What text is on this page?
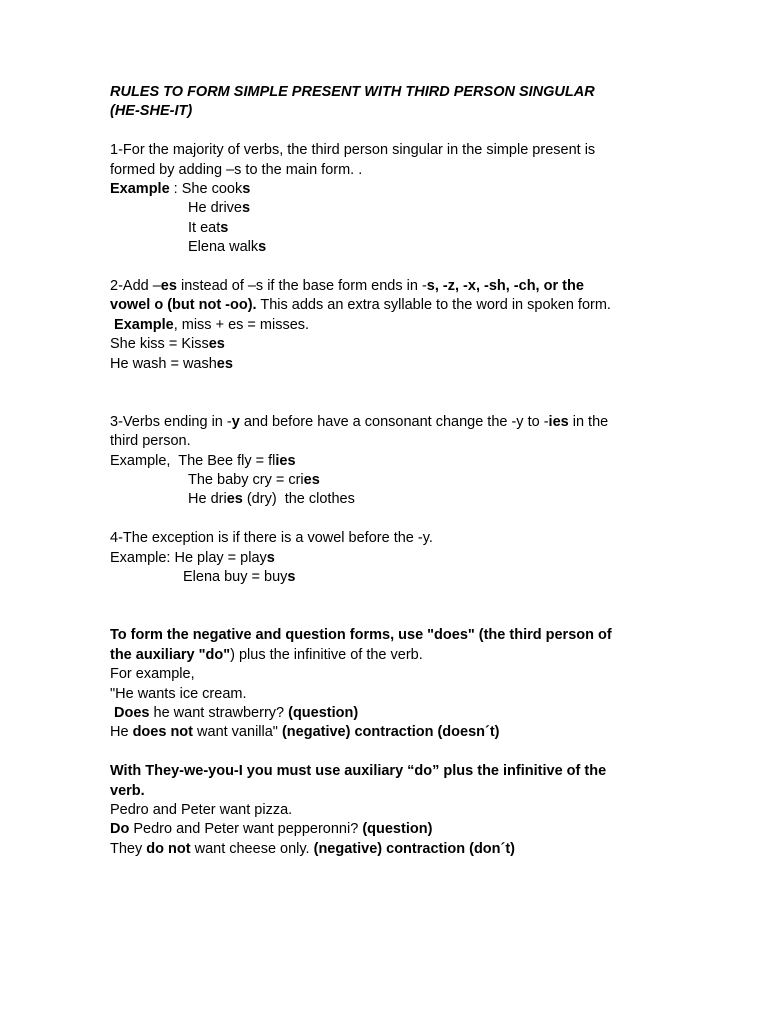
RULES TO FORM SIMPLE PRESENT WITH THIRD PERSON SINGULAR
(HE-SHE-IT)
1-For the majority of verbs, the third person singular in the simple present is
formed by adding –s to the main form. .
Example : She cooks
He drives
It eats
Elena walks
2-Add –es instead of –s if the base form ends in -s, -z, -x, -sh, -ch, or the
vowel o (but not -oo). This adds an extra syllable to the word in spoken form.
Example, miss + es = misses.
She kiss = Kisses
He wash = washes
3-Verbs ending in -y and before have a consonant change the -y to -ies in the
third person.
Example,  The Bee fly = flies
The baby cry = cries
He dries (dry)  the clothes
4-The exception is if there is a vowel before the -y.
Example: He play = plays
Elena buy = buys
To form the negative and question forms, use "does" (the third person of
the auxiliary "do") plus the infinitive of the verb.
For example,
"He wants ice cream.
Does he want strawberry? (question)
He does not want vanilla" (negative) contraction (doesn´t)
With They-we-you-I you must use auxiliary “do” plus the infinitive of the
verb.
Pedro and Peter want pizza.
Do Pedro and Peter want pepperonni? (question)
They do not want cheese only. (negative) contraction (don´t)
